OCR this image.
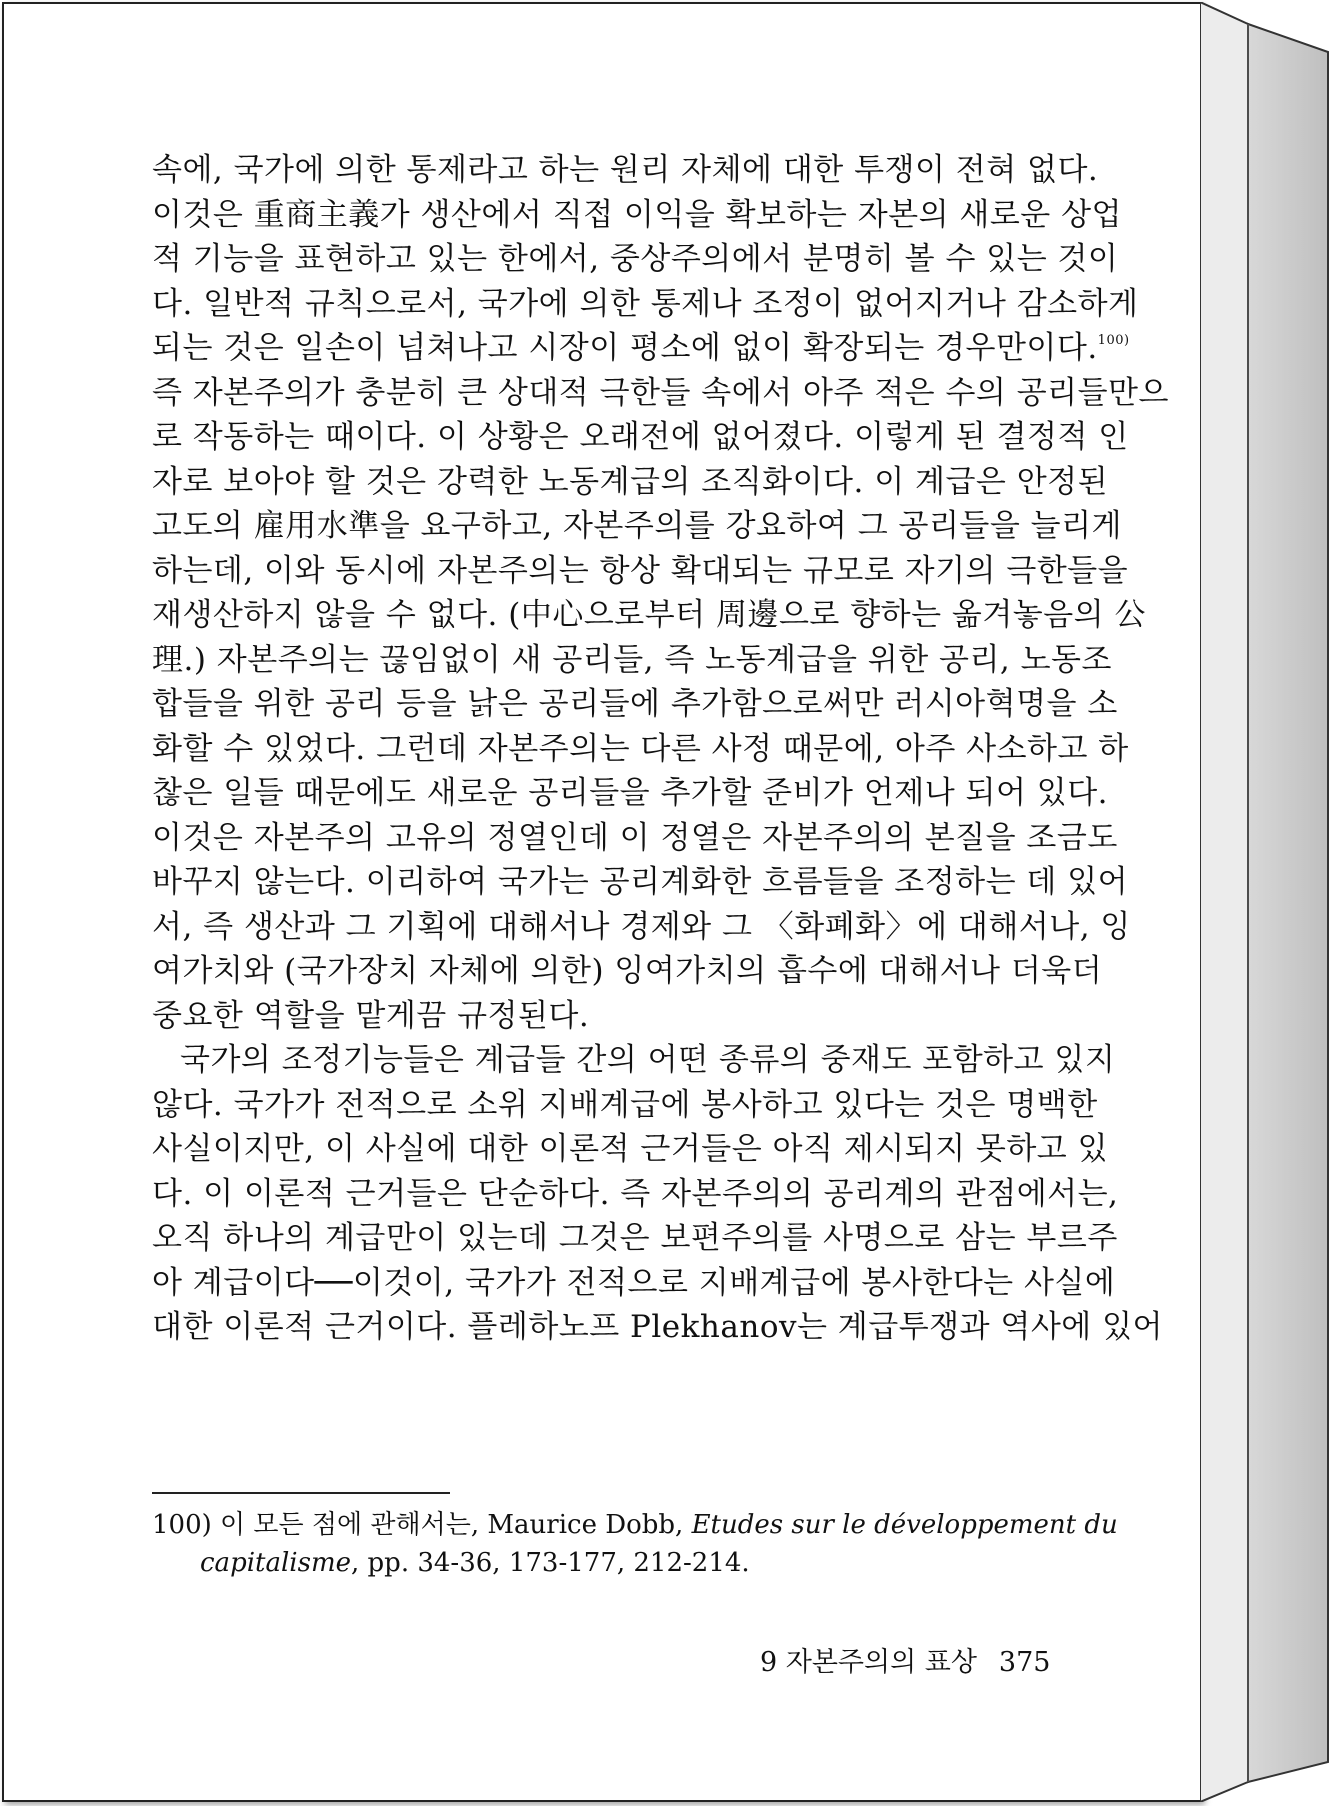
속에, 국가에 의한 통제라고 하는 원리 자체에 대한 투쟁이 전혀 없다.
이것은 重商主義가 생산에서 직접 이익을 확보하는 자본의 새로운 상업
적 기능을 표현하고 있는 한에서, 중상주의에서 분명히 볼 수 있는 것이
다. 일반적 규칙으로서, 국가에 의한 통제나 조정이 없어지거나 감소하게
되는 것은 일손이 넘쳐나고 시장이 평소에 없이 확장되는 경우만이다.$^{100)}$
즉 자본주의가 충분히 큰 상대적 극한들 속에서 아주 적은 수의 공리들만으
로 작동하는 때이다. 이 상황은 오래전에 없어졌다. 이렇게 된 결정적 인
자로 보아야 할 것은 강력한 노동계급의 조직화이다. 이 계급은 안정된
고도의 雇用水準을 요구하고, 자본주의를 강요하여 그 공리들을 늘리게
하는데, 이와 동시에 자본주의는 항상 확대되는 규모로 자기의 극한들을
재생산하지 않을 수 없다. (中心으로부터 周邊으로 향하는 옮겨놓음의 公
理.) 자본주의는 끊임없이 새 공리들, 즉 노동계급을 위한 공리, 노동조
합들을 위한 공리 등을 낡은 공리들에 추가함으로써만 러시아혁명을 소
화할 수 있었다. 그런데 자본주의는 다른 사정 때문에, 아주 사소하고 하
찮은 일들 때문에도 새로운 공리들을 추가할 준비가 언제나 되어 있다.
이것은 자본주의 고유의 정열인데 이 정열은 자본주의의 본질을 조금도
바꾸지 않는다. 이리하여 국가는 공리계화한 흐름들을 조정하는 데 있어
서, 즉 생산과 그 기획에 대해서나 경제와 그 〈화폐화〉에 대해서나, 잉
여가치와 (국가장치 자체에 의한) 잉여가치의 흡수에 대해서나 더욱더
중요한 역할을 맡게끔 규정된다.
국가의 조정기능들은 계급들 간의 어떤 종류의 중재도 포함하고 있지
않다. 국가가 전적으로 소위 지배계급에 봉사하고 있다는 것은 명백한
사실이지만, 이 사실에 대한 이론적 근거들은 아직 제시되지 못하고 있
다. 이 이론적 근거들은 단순하다. 즉 자본주의의 공리계의 관점에서는,
오직 하나의 계급만이 있는데 그것은 보편주의를 사명으로 삼는 부르주
아 계급이다──이것이, 국가가 전적으로 지배계급에 봉사한다는 사실에
대한 이론적 근거이다. 플레하노프 Plekhanov는 계급투쟁과 역사에 있어
100) 이 모든 점에 관해서는, Maurice Dobb, Etudes sur le développement du
capitalisme, pp. 34-36, 173-177, 212-214.
9 자본주의의 표상 375
